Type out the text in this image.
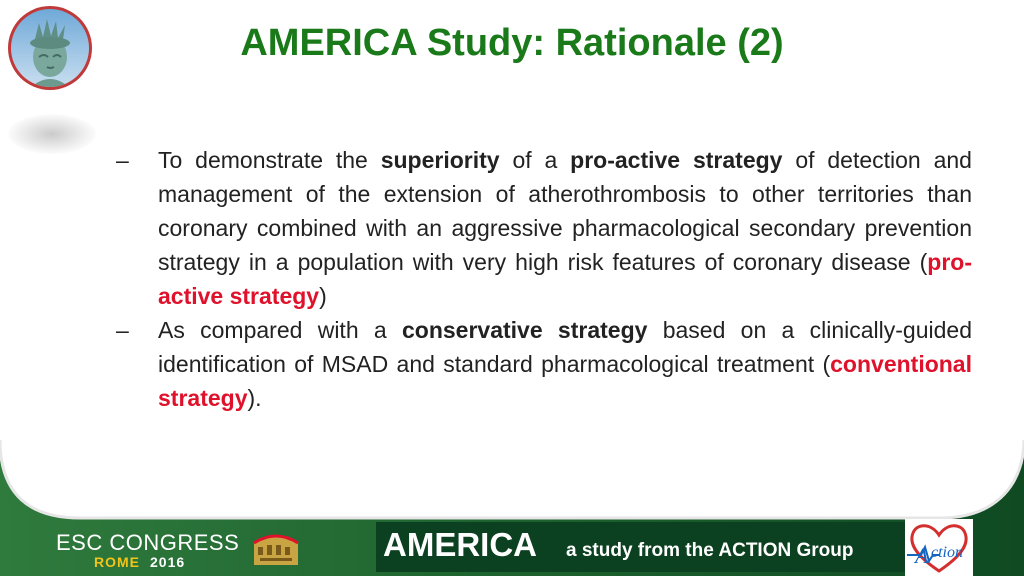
AMERICA Study: Rationale (2)

– To demonstrate the superiority of a pro-active strategy of detection and management of the extension of atherothrombosis to other territories than coronary combined with an aggressive pharmacological secondary prevention strategy in a population with very high risk features of coronary disease (pro-active strategy)

– As compared with a conservative strategy based on a clinically-guided identification of MSAD and standard pharmacological treatment (conventional strategy).

ESC CONGRESS
ROME 2016	AMERICA a study from the ACTION Group	A ction
